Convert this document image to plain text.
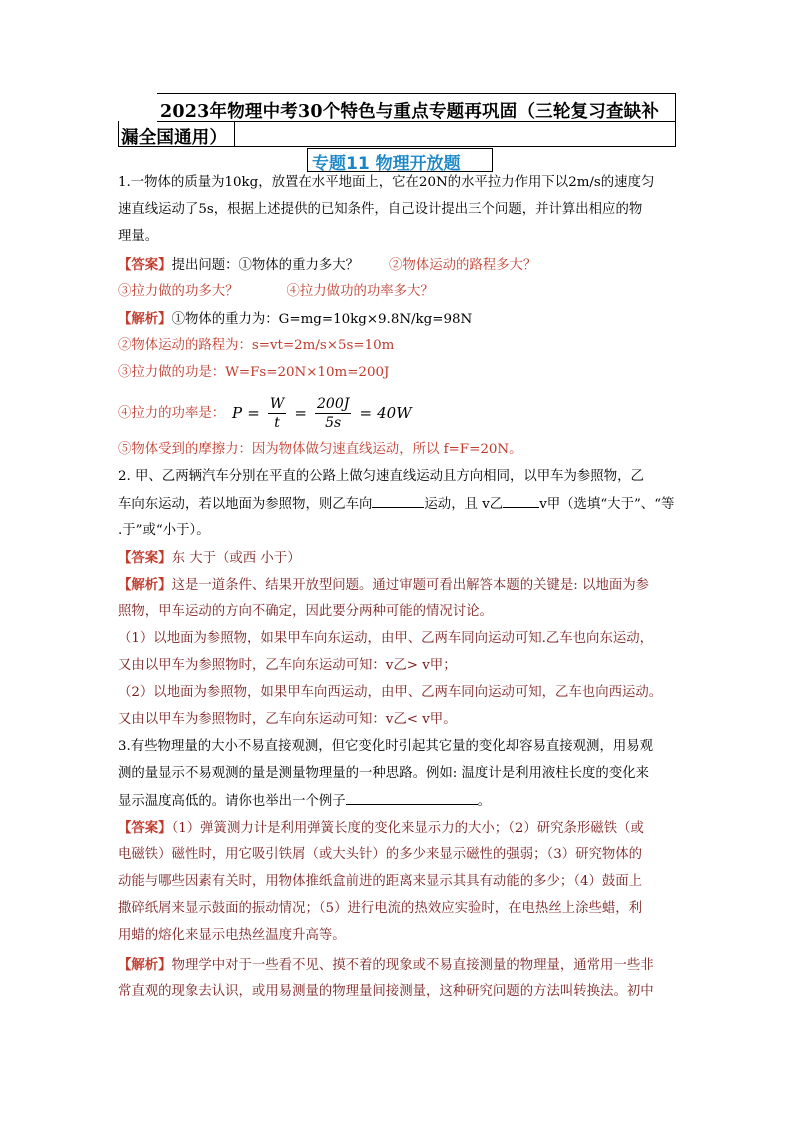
2023年物理中考30个特色与重点专题再巩固（三轮复习查缺补
漏全国通用）
专题11 物理开放题
1.一物体的质量为10kg，放置在水平地面上，它在20N的水平拉力作用下以2m/s的速度匀
速直线运动了5s，根据上述提供的已知条件，自己设计提出三个问题，并计算出相应的物
理量。
【答案】提出问题：①物体的重力多大？ ②物体运动的路程多大？
③拉力做的功多大？	④拉力做功的功率多大？
【解析】①物体的重力为：G=mg=10kg×9.8N/kg=98N
②物体运动的路程为：s=vt=2m/s×5s=10m
③拉力做的功是：W=Fs=20N×10m=200J
④拉力的功率是： $P = \frac{W}{t} = \frac{200J}{5s} = 40W$
⑤物体受到的摩擦力：因为物体做匀速直线运动，所以 f=F=20N。
2. 甲、乙两辆汽车分别在平直的公路上做匀速直线运动且方向相同，以甲车为参照物，乙
车向东运动，若以地面为参照物，则乙车向	运动，且 v乙	v甲（选填“大于”、“等
.于”或“小于）。
【答案】东 大于（或西 小于）
【解析】这是一道条件、结果开放型问题。通过审题可看出解答本题的关键是: 以地面为参
照物，甲车运动的方向不确定，因此要分两种可能的情况讨论。
（1）以地面为参照物，如果甲车向东运动，由甲、乙两车同向运动可知.乙车也向东运动，
又由以甲车为参照物时，乙车向东运动可知：v乙> v甲；
（2）以地面为参照物，如果甲车向西运动，由甲、乙两车同向运动可知，乙车也向西运动。
又由以甲车为参照物时，乙车向东运动可知：v乙< v甲。
3.有些物理量的大小不易直接观测，但它变化时引起其它量的变化却容易直接观测，用易观
测的量显示不易观测的量是测量物理量的一种思路。例如: 温度计是利用液柱长度的变化来
显示温度高低的。请你也举出一个例子	。
【答案】（1）弹簧测力计是利用弹簧长度的变化来显示力的大小；（2）研究条形磁铁（或
电磁铁）磁性时，用它吸引铁屑（或大头针）的多少来显示磁性的强弱；（3）研究物体的
动能与哪些因素有关时，用物体推纸盒前进的距离来显示其具有动能的多少；（4）鼓面上
撒碎纸屑来显示鼓面的振动情况；（5）进行电流的热效应实验时，在电热丝上涂些蜡，利
用蜡的熔化来显示电热丝温度升高等。
【解析】物理学中对于一些看不见、摸不着的现象或不易直接测量的物理量，通常用一些非
常直观的现象去认识，或用易测量的物理量间接测量，这种研究问题的方法叫转换法。初中
